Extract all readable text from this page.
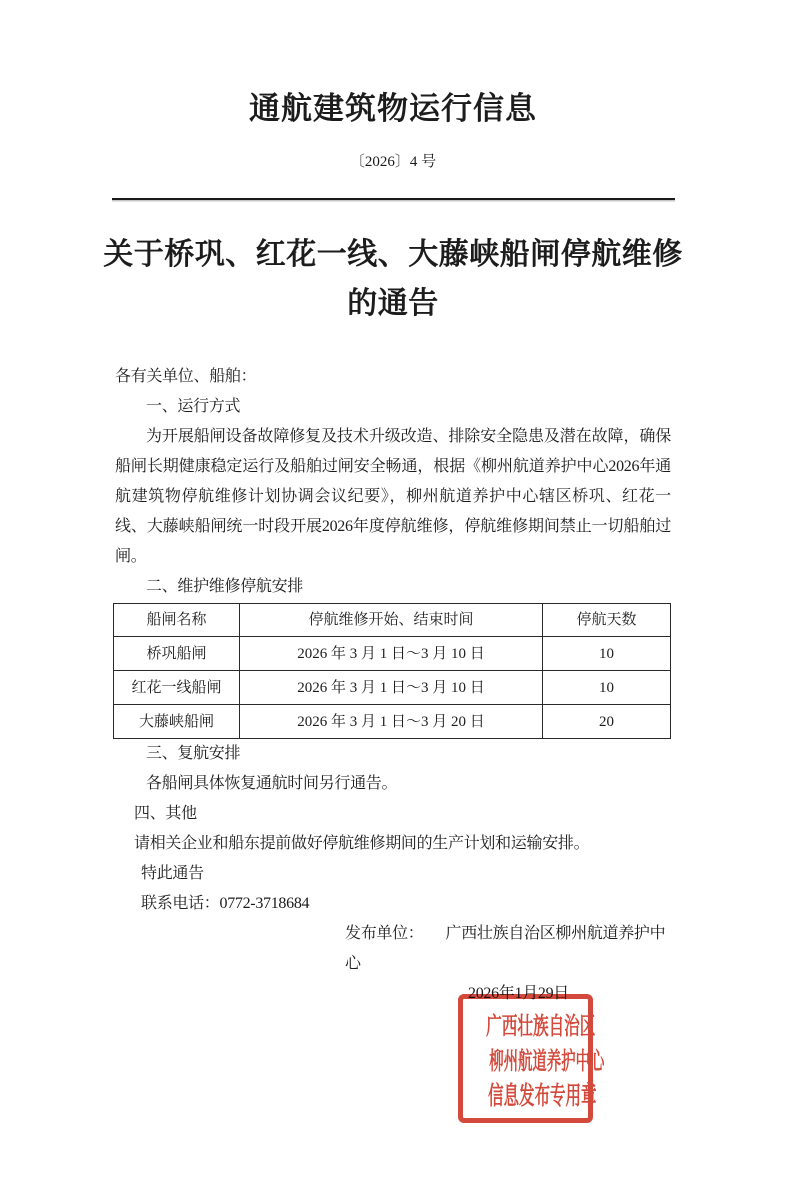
通航建筑物运行信息
〔2026〕4 号
关于桥巩、红花一线、大藤峡船闸停航维修
的通告

各有关单位、船舶：

一、运行方式

为开展船闸设备故障修复及技术升级改造、排除安全隐患及潜在故障，确保船闸长期健康稳定运行及船舶过闸安全畅通，根据《柳州航道养护中心2026年通航建筑物停航维修计划协调会议纪要》，柳州航道养护中心辖区桥巩、红花一线、大藤峡船闸统一时段开展2026年度停航维修，停航维修期间禁止一切船舶过闸。

二、维护维修停航安排

船闸名称	停航维修开始、结束时间	停航天数
桥巩船闸	2026 年 3 月 1 日～3 月 10 日	10
红花一线船闸	2026 年 3 月 1 日～3 月 10 日	10
大藤峡船闸	2026 年 3 月 1 日～3 月 20 日	20

三、复航安排

各船闸具体恢复通航时间另行通告。

四、其他

请相关企业和船东提前做好停航维修期间的生产计划和运输安排。

特此通告

联系电话：0772-3718684

发布单位： 广西壮族自治区柳州航道养护中心

2026年1月29日

广西壮族自治区
柳州航道养护中心
信息发布专用章
